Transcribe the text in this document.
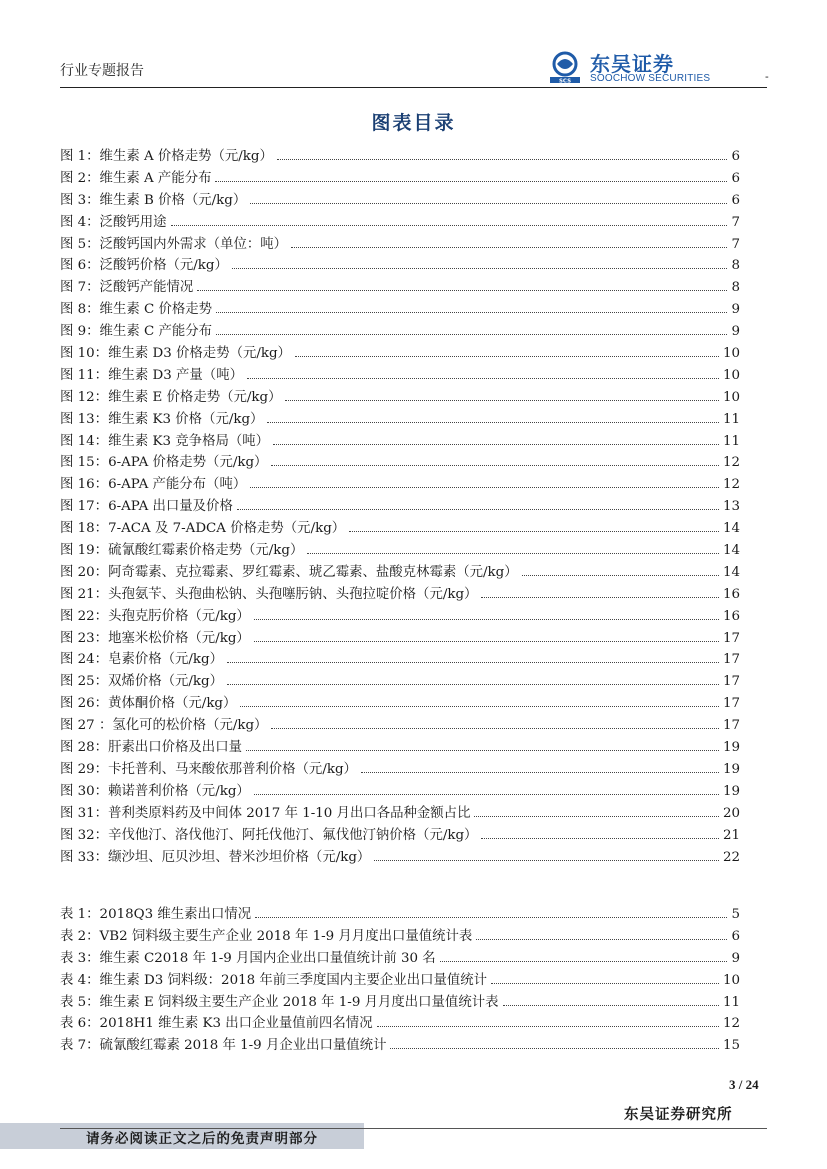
行业专题报告
SCS
东吴证券
SOOCHOW SECURITIES	-
图表目录
图 1：维生素 A 价格走势（元/kg）	6
图 2：维生素 A 产能分布	6
图 3：维生素 B 价格（元/kg）	6
图 4：泛酸钙用途	7
图 5：泛酸钙国内外需求（单位：吨）	7
图 6：泛酸钙价格（元/kg）	8
图 7：泛酸钙产能情况	8
图 8：维生素 C 价格走势	9
图 9：维生素 C 产能分布	9
图 10：维生素 D3 价格走势（元/kg）	10
图 11：维生素 D3 产量（吨）	10
图 12：维生素 E 价格走势（元/kg）	10
图 13：维生素 K3 价格（元/kg）	11
图 14：维生素 K3 竞争格局（吨）	11
图 15：6-APA 价格走势（元/kg）	12
图 16：6-APA 产能分布（吨）	12
图 17：6-APA 出口量及价格	13
图 18：7-ACA 及 7-ADCA 价格走势（元/kg）	14
图 19：硫氰酸红霉素价格走势（元/kg）	14
图 20：阿奇霉素、克拉霉素、罗红霉素、琥乙霉素、盐酸克林霉素（元/kg）	14
图 21：头孢氨苄、头孢曲松钠、头孢噻肟钠、头孢拉啶价格（元/kg）	16
图 22：头孢克肟价格（元/kg）	16
图 23：地塞米松价格（元/kg）	17
图 24：皂素价格（元/kg）	17
图 25：双烯价格（元/kg）	17
图 26：黄体酮价格（元/kg）	17
图 27 ：氢化可的松价格（元/kg）	17
图 28：肝素出口价格及出口量	19
图 29：卡托普利、马来酸依那普利价格（元/kg）	19
图 30：赖诺普利价格（元/kg）	19
图 31：普利类原料药及中间体 2017 年 1-10 月出口各品种金额占比	20
图 32：辛伐他汀、洛伐他汀、阿托伐他汀、氟伐他汀钠价格（元/kg）	21
图 33：缬沙坦、厄贝沙坦、替米沙坦价格（元/kg）	22
表 1：2018Q3 维生素出口情况	5
表 2：VB2 饲料级主要生产企业 2018 年 1-9 月月度出口量值统计表	6
表 3：维生素 C2018 年 1-9 月国内企业出口量值统计前 30 名	9
表 4：维生素 D3 饲料级：2018 年前三季度国内主要企业出口量值统计	10
表 5：维生素 E 饲料级主要生产企业 2018 年 1-9 月月度出口量值统计表	11
表 6：2018H1 维生素 K3 出口企业量值前四名情况	12
表 7：硫氰酸红霉素 2018 年 1-9 月企业出口量值统计	15
3 / 24
东吴证券研究所
请务必阅读正文之后的免责声明部分
